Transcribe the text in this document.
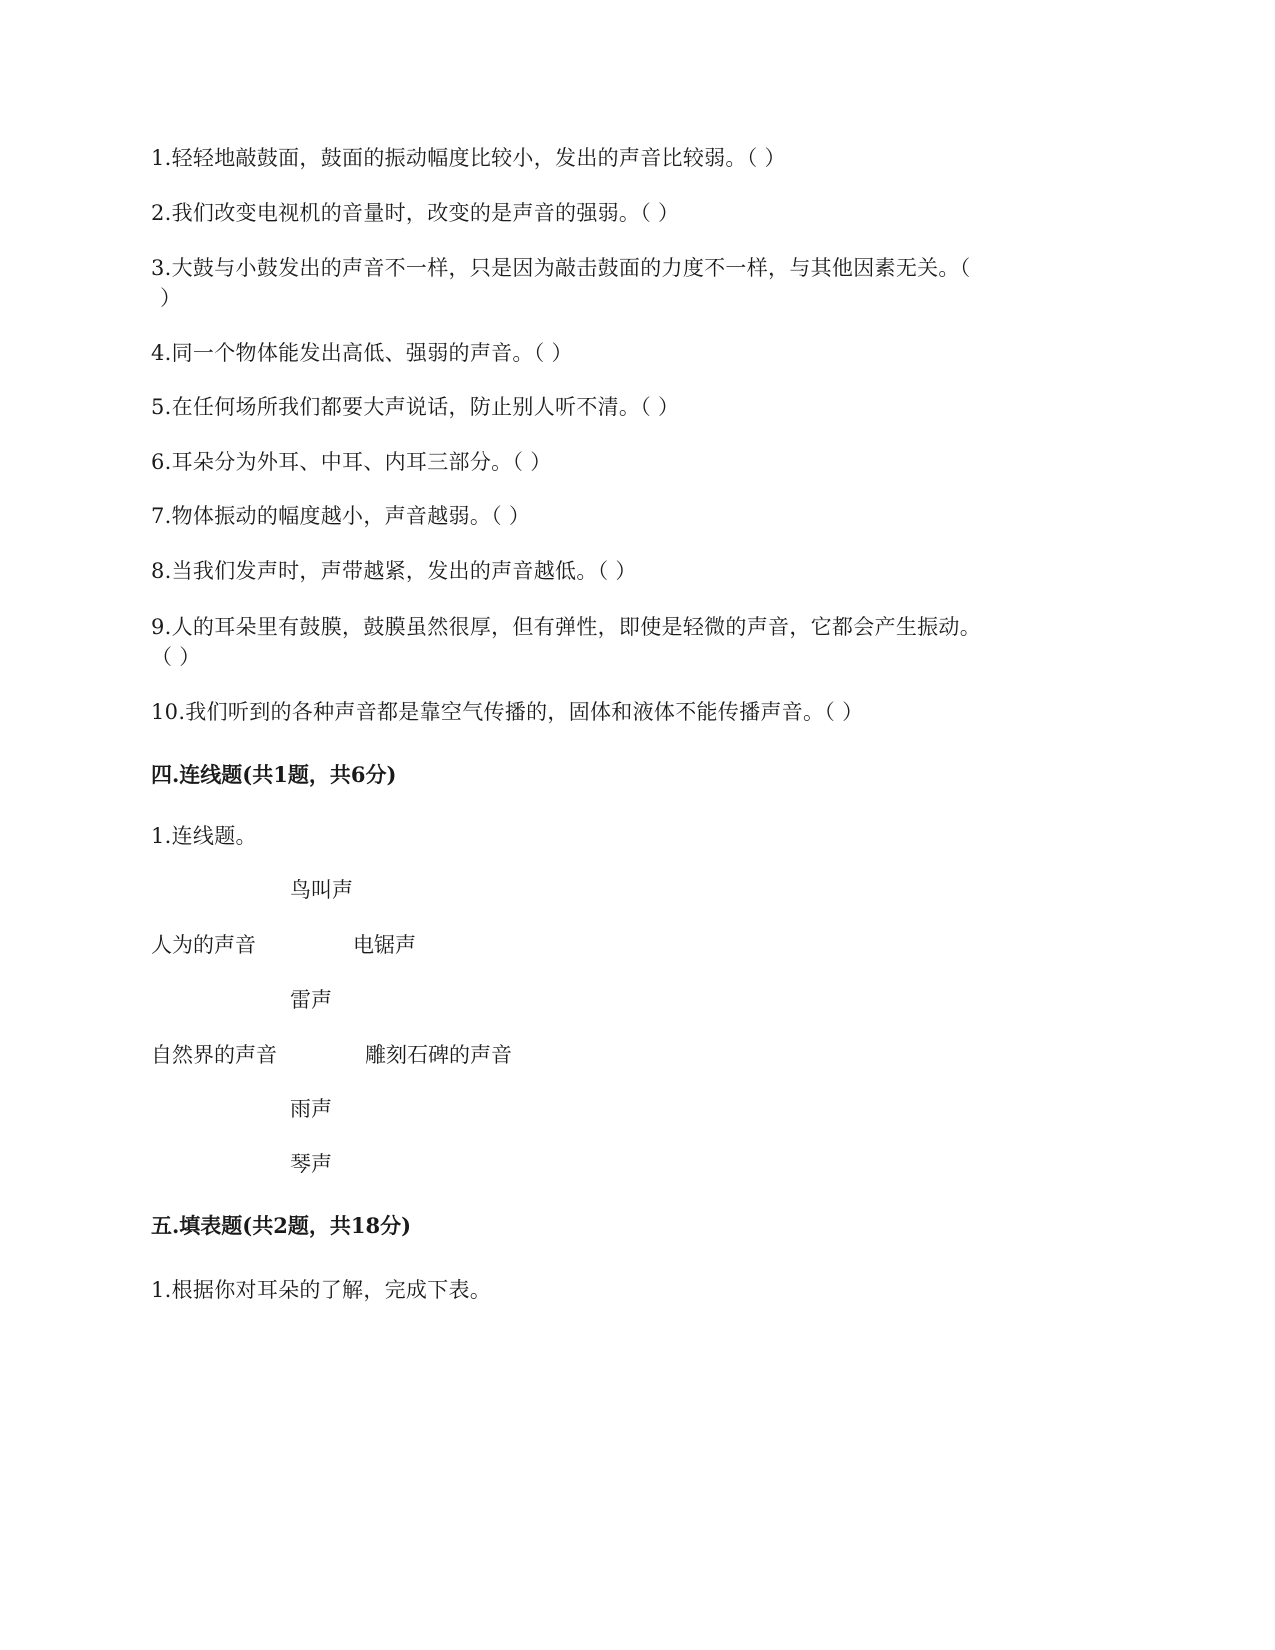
1.轻轻地敲鼓面，鼓面的振动幅度比较小，发出的声音比较弱。（ ）
2.我们改变电视机的音量时，改变的是声音的强弱。（ ）
3.大鼓与小鼓发出的声音不一样，只是因为敲击鼓面的力度不一样，与其他因素无关。（
）
4.同一个物体能发出高低、强弱的声音。（ ）
5.在任何场所我们都要大声说话，防止别人听不清。（ ）
6.耳朵分为外耳、中耳、内耳三部分。（ ）
7.物体振动的幅度越小，声音越弱。（ ）
8.当我们发声时，声带越紧，发出的声音越低。（ ）
9.人的耳朵里有鼓膜，鼓膜虽然很厚，但有弹性，即使是轻微的声音，它都会产生振动。
（ ）
10.我们听到的各种声音都是靠空气传播的，固体和液体不能传播声音。（ ）
四.连线题(共1题，共6分)
1.连线题。
鸟叫声
人为的声音	电锯声
雷声
自然界的声音	雕刻石碑的声音
雨声
琴声
五.填表题(共2题，共18分)
1.根据你对耳朵的了解，完成下表。
